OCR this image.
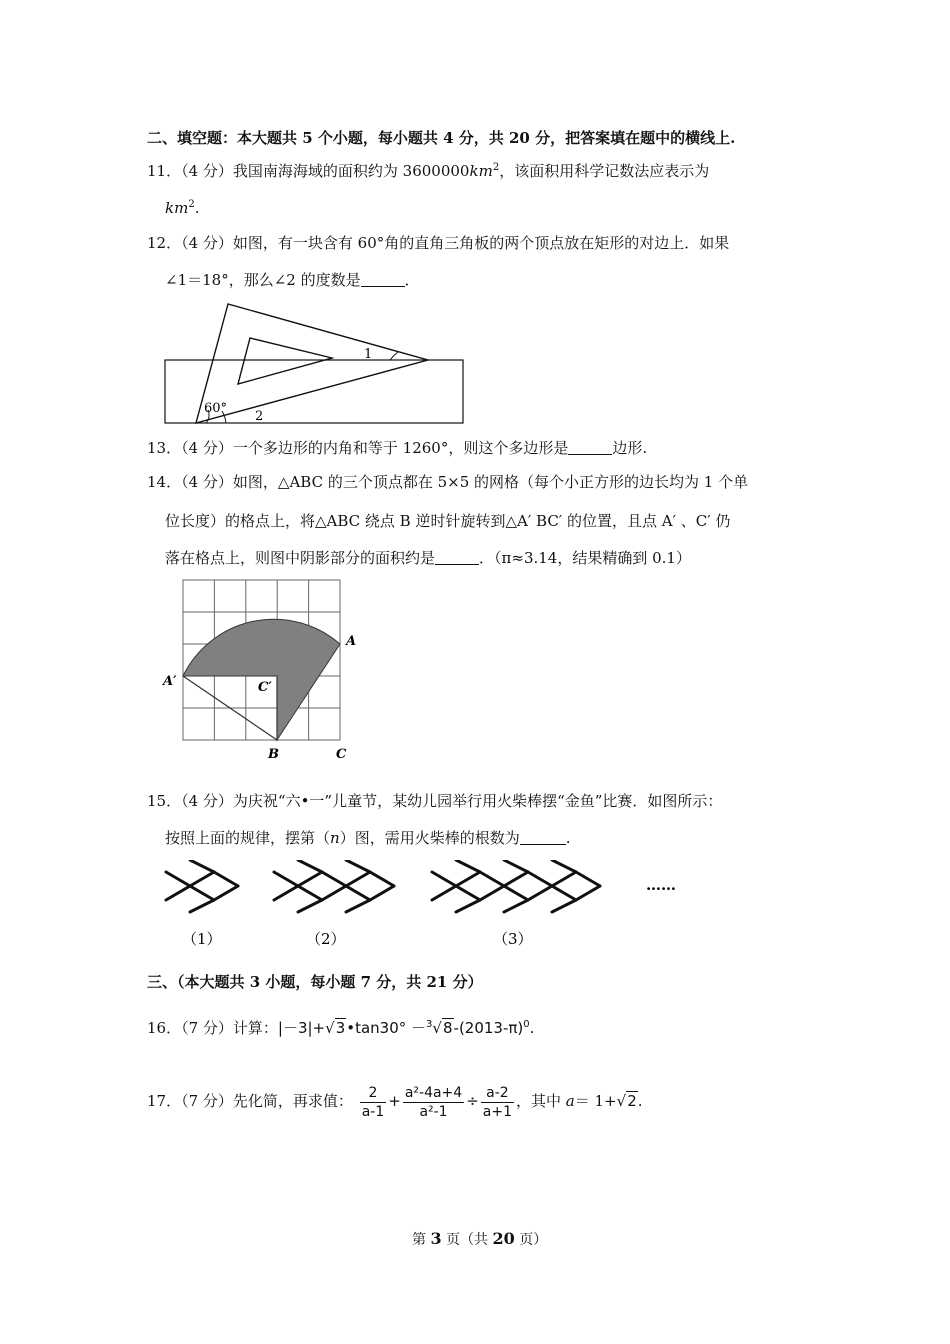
二、填空题：本大题共 5 个小题，每小题共 4 分，共 20 分，把答案填在题中的横线上.
11．（4 分）我国南海海域的面积约为 $3600000km^2$，该面积用科学记数法应表示为
$km^2$.
12．（4 分）如图，有一块含有 60°角的直角三角板的两个顶点放在矩形的对边上．如果
∠1＝18°，那么∠2 的度数是	．
1
2
60°
13．（4 分）一个多边形的内角和等于 1260°，则这个多边形是	边形.
14．（4 分）如图，△ABC 的三个顶点都在 5×5 的网格（每个小正方形的边长均为 1 个单
位长度）的格点上，将△ABC 绕点 B 逆时针旋转到△A′ BC′ 的位置，且点 A′ 、C′ 仍
落在格点上，则图中阴影部分的面积约是	．（π≈3.14，结果精确到 0.1）
A
A′	C′
B	C
15．（4 分）为庆祝“六•一”儿童节，某幼儿园举行用火柴棒摆“金鱼”比赛．如图所示：
按照上面的规律，摆第（n）图，需用火柴棒的根数为	.
（1）	（2）	（3）
……
三、（本大题共 3 小题，每小题 7 分，共 21 分）
16．（7 分）计算：|－3|+√3•tan30° $-^3√8-(2013-\pi)^0$.
17．（7 分）先化简，再求值： $\frac{2}{a-1} + \frac{\text{a²-4a+4}}{\text{a²-1}} \div \frac{a-2}{a+1}$ ，其中 a＝ 1+√2.
第 3 页（共 20 页）
